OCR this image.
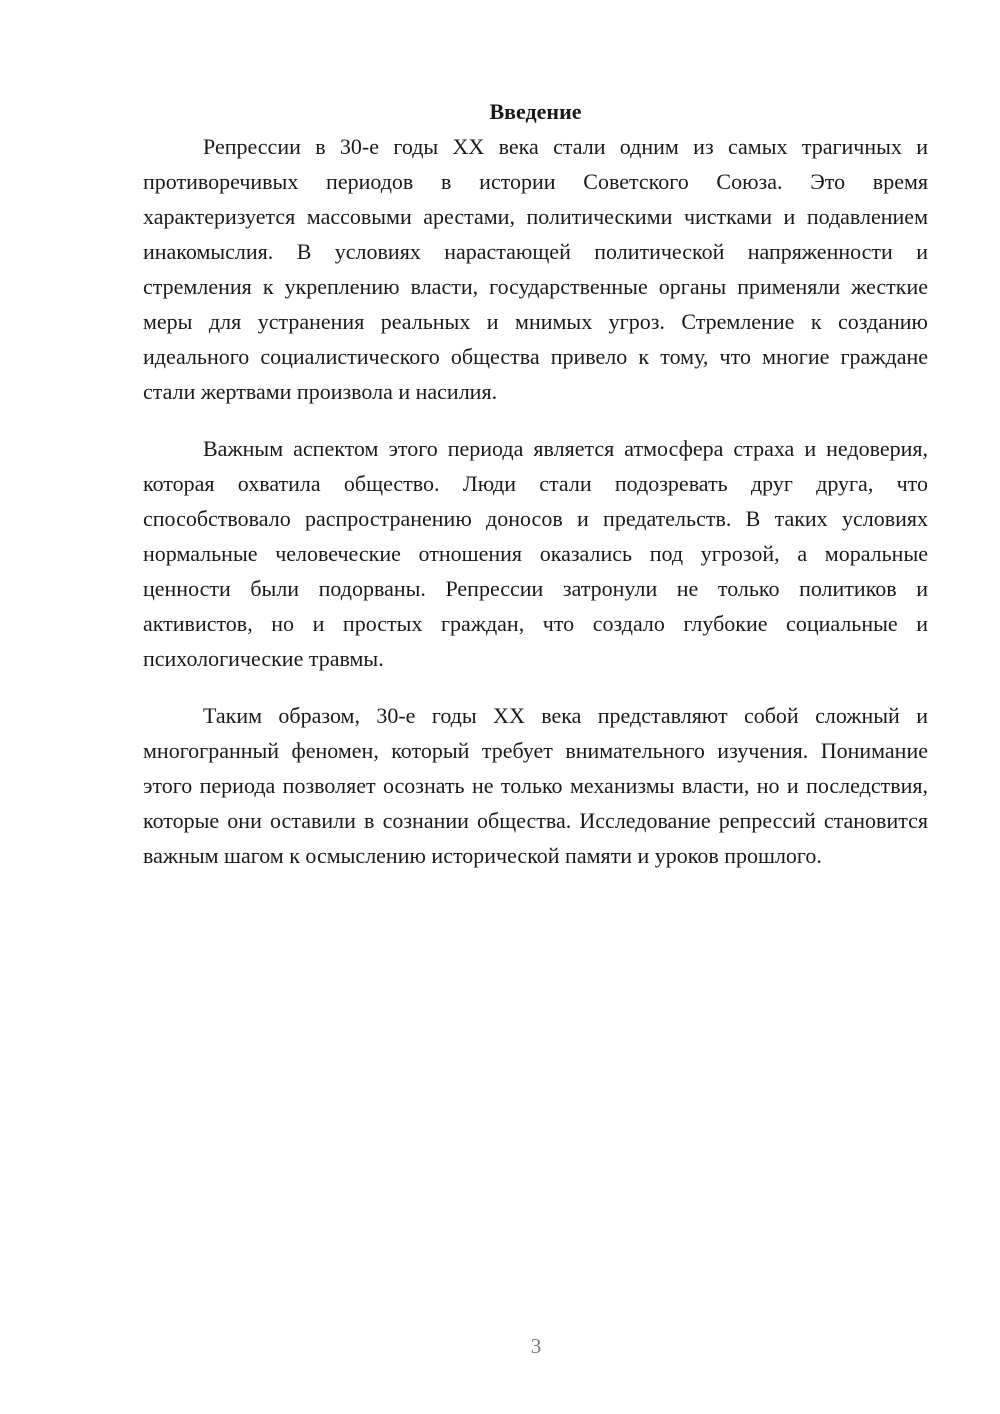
Введение

Репрессии в 30-е годы XX века стали одним из самых трагичных и противоречивых периодов в истории Советского Союза. Это время характеризуется массовыми арестами, политическими чистками и подавлением инакомыслия. В условиях нарастающей политической напряженности и стремления к укреплению власти, государственные органы применяли жесткие меры для устранения реальных и мнимых угроз. Стремление к созданию идеального социалистического общества привело к тому, что многие граждане стали жертвами произвола и насилия.

Важным аспектом этого периода является атмосфера страха и недоверия, которая охватила общество. Люди стали подозревать друг друга, что способствовало распространению доносов и предательств. В таких условиях нормальные человеческие отношения оказались под угрозой, а моральные ценности были подорваны. Репрессии затронули не только политиков и активистов, но и простых граждан, что создало глубокие социальные и психологические травмы.

Таким образом, 30-е годы XX века представляют собой сложный и многогранный феномен, который требует внимательного изучения. Понимание этого периода позволяет осознать не только механизмы власти, но и последствия, которые они оставили в сознании общества. Исследование репрессий становится важным шагом к осмыслению исторической памяти и уроков прошлого.

3
